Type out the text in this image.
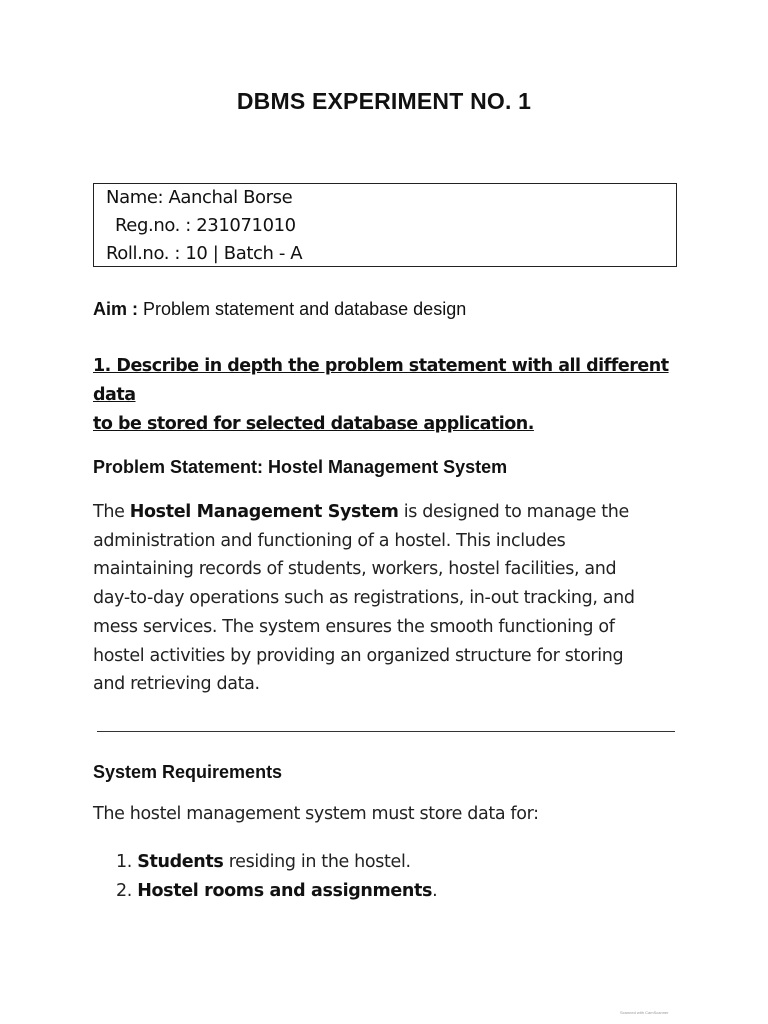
DBMS EXPERIMENT NO. 1
Name: Aanchal Borse
Reg.no. : 231071010
Roll.no. : 10 | Batch - A
Aim : Problem statement and database design
1. Describe in depth the problem statement with all different data
to be stored for selected database application.
Problem Statement: Hostel Management System
The Hostel Management System is designed to manage the
administration and functioning of a hostel. This includes
maintaining records of students, workers, hostel facilities, and
day-to-day operations such as registrations, in-out tracking, and
mess services. The system ensures the smooth functioning of
hostel activities by providing an organized structure for storing
and retrieving data.
System Requirements
The hostel management system must store data for:
1. Students residing in the hostel.
2. Hostel rooms and assignments.
Scanned with CamScanner
